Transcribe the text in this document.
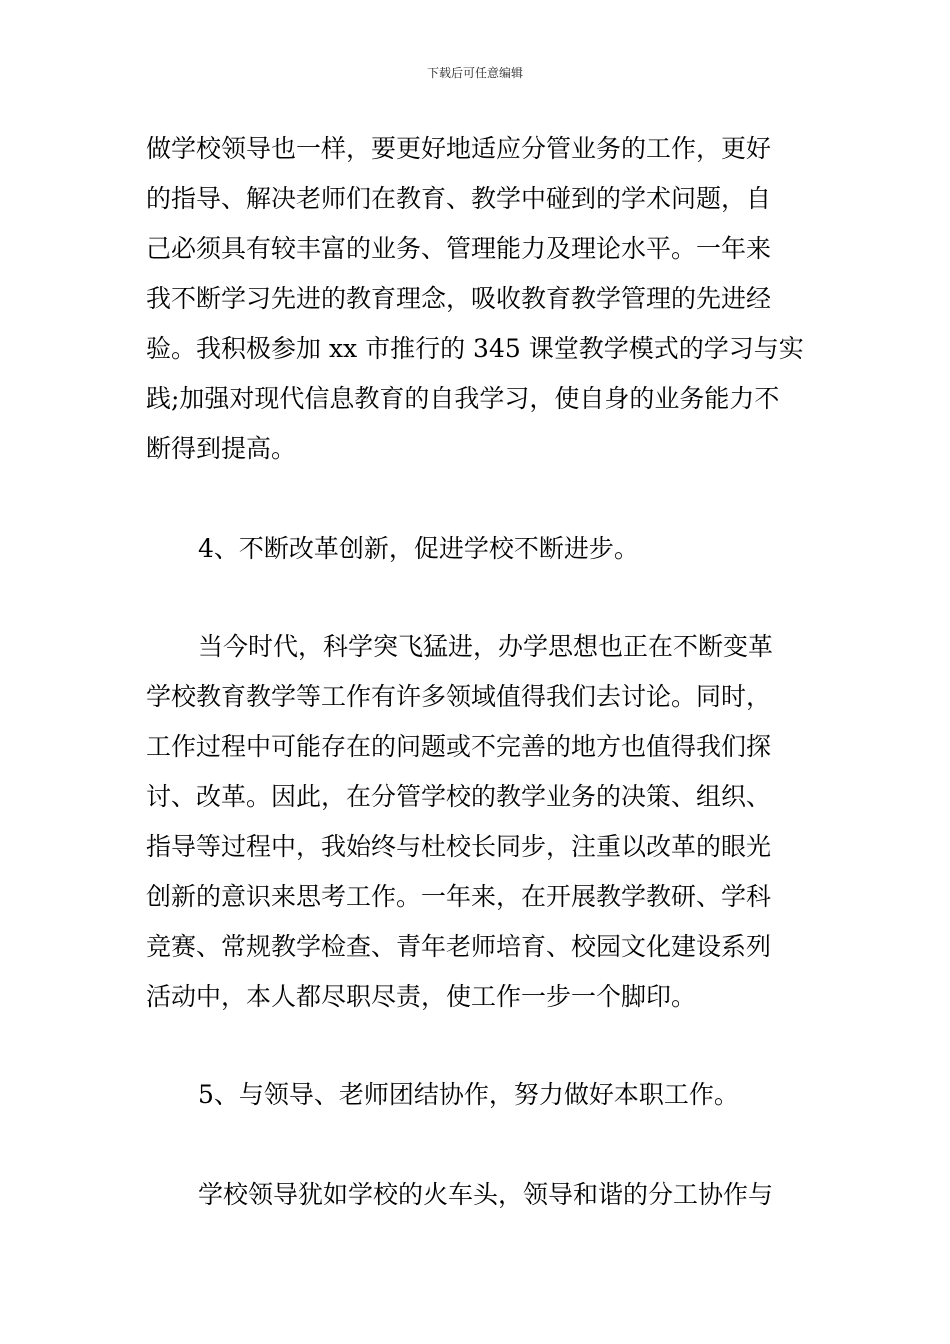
下载后可任意编辑
做学校领导也一样，要更好地适应分管业务的工作，更好
的指导、解决老师们在教育、教学中碰到的学术问题，自
己必须具有较丰富的业务、管理能力及理论水平。一年来
我不断学习先进的教育理念，吸收教育教学管理的先进经
验。我积极参加 xx 市推行的 345 课堂教学模式的学习与实
践;加强对现代信息教育的自我学习，使自身的业务能力不
断得到提高。
4、不断改革创新，促进学校不断进步。
当今时代，科学突飞猛进，办学思想也正在不断变革
学校教育教学等工作有许多领域值得我们去讨论。同时，
工作过程中可能存在的问题或不完善的地方也值得我们探
讨、改革。因此，在分管学校的教学业务的决策、组织、
指导等过程中，我始终与杜校长同步，注重以改革的眼光
创新的意识来思考工作。一年来，在开展教学教研、学科
竞赛、常规教学检查、青年老师培育、校园文化建设系列
活动中，本人都尽职尽责，使工作一步一个脚印。
5、与领导、老师团结协作，努力做好本职工作。
学校领导犹如学校的火车头，领导和谐的分工协作与
